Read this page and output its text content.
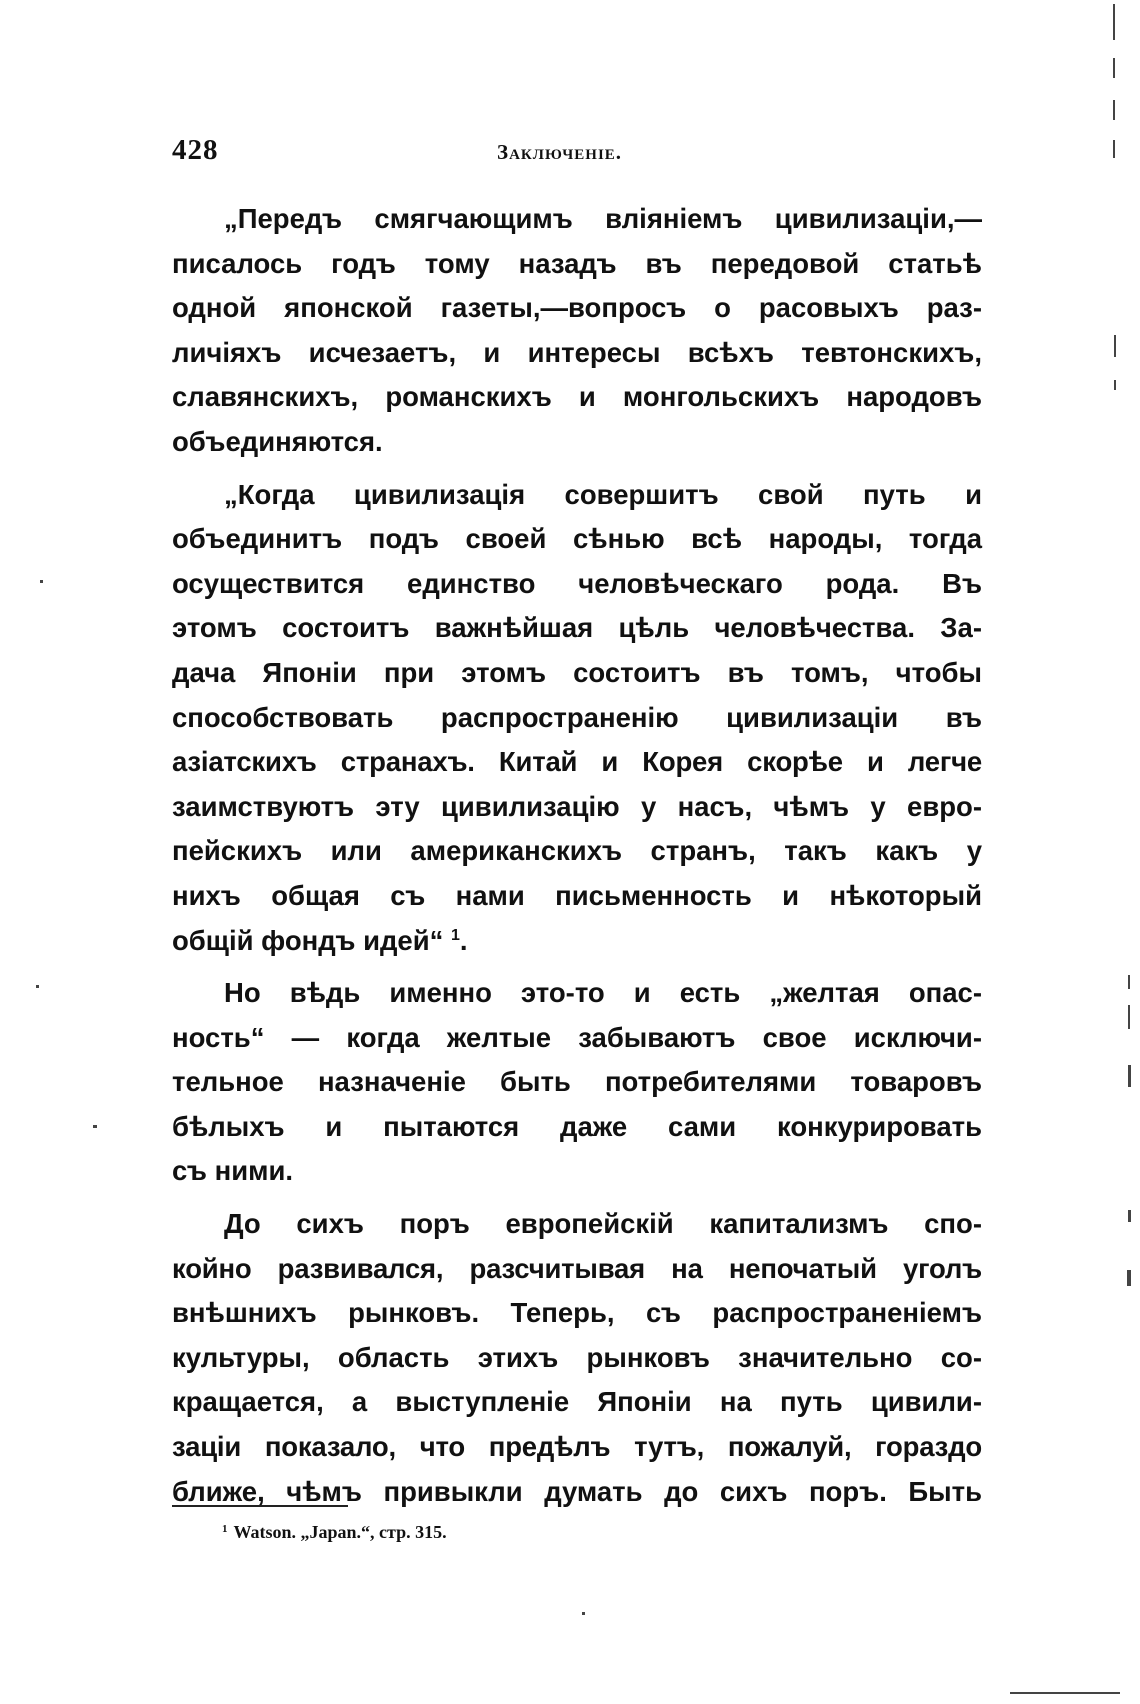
428	Заключеніе.
„Передъ смягчающимъ вліяніемъ цивилизаціи,—
писалось годъ тому назадъ въ передовой статьѣ
одной японской газеты,—вопросъ о расовыхъ раз-
личіяхъ исчезаетъ, и интересы всѣхъ тевтонскихъ,
славянскихъ, романскихъ и монгольскихъ народовъ
объединяются.
„Когда цивилизація совершитъ свой путь и
объединитъ подъ своей сѣнью всѣ народы, тогда
осуществится единство человѣческаго рода. Въ
этомъ состоитъ важнѣйшая цѣль человѣчества. За-
дача Японіи при этомъ состоитъ въ томъ, чтобы
способствовать распространенію цивилизаціи въ
азіатскихъ странахъ. Китай и Корея скорѣе и легче
заимствуютъ эту цивилизацію у насъ, чѣмъ у евро-
пейскихъ или американскихъ странъ, такъ какъ у
нихъ общая съ нами письменность и нѣкоторый
общій фондъ идей“ $^1$.
Но вѣдь именно это-то и есть „желтая опас-
ность“ — когда желтые забываютъ свое исключи-
тельное назначеніе быть потребителями товаровъ
бѣлыхъ и пытаются даже сами конкурировать
съ ними.
До сихъ поръ европейскій капитализмъ спо-
койно развивался, разсчитывая на непочатый уголъ
внѣшнихъ рынковъ. Теперь, съ распространеніемъ
культуры, область этихъ рынковъ значительно со-
кращается, а выступленіе Японіи на путь цивили-
заціи показало, что предѣлъ тутъ, пожалуй, гораздо
ближе, чѣмъ привыкли думать до сихъ поръ. Быть
$^1$ Watson. „Japan.“, стр. 315.
